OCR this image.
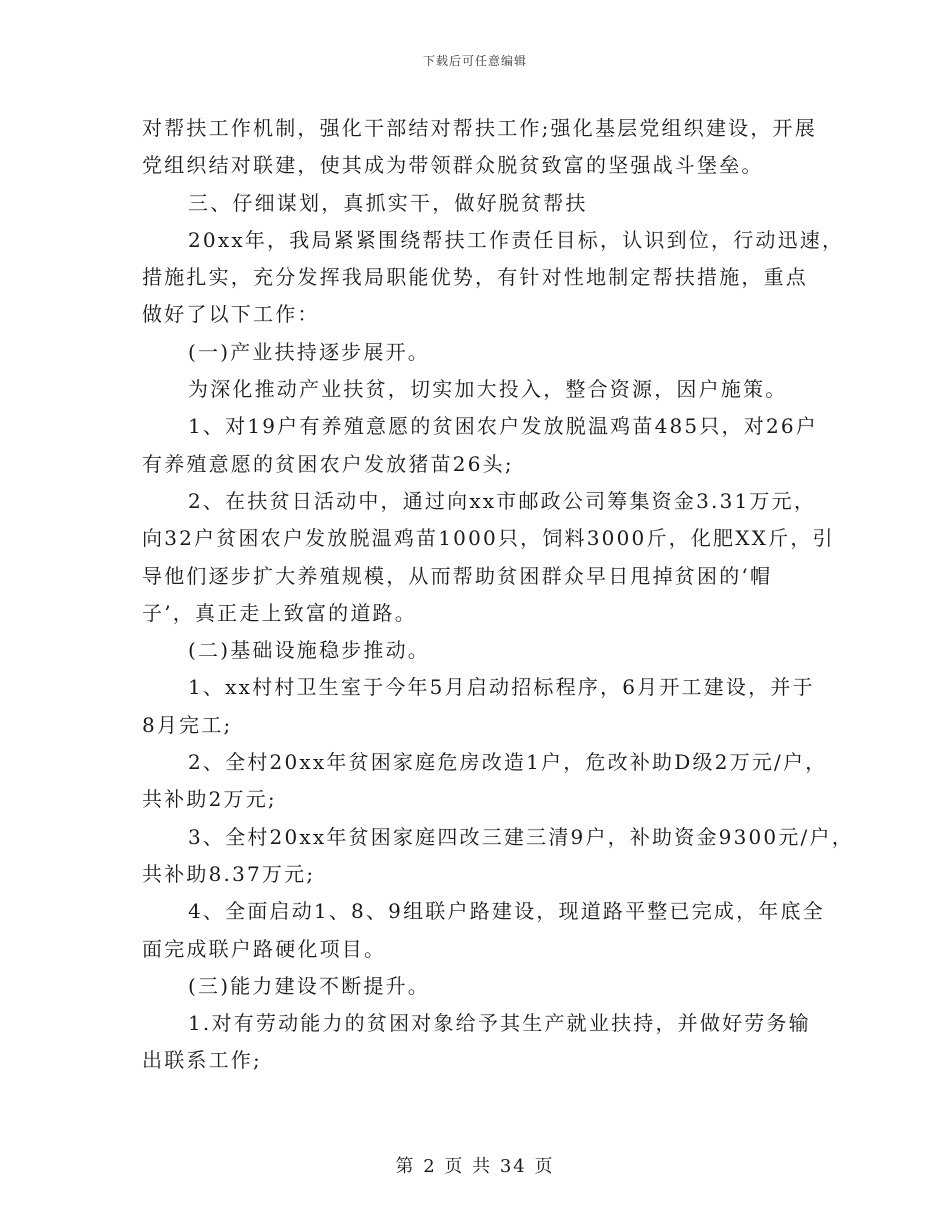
下载后可任意编辑
对帮扶工作机制，强化干部结对帮扶工作;强化基层党组织建设，开展
党组织结对联建，使其成为带领群众脱贫致富的坚强战斗堡垒。
三、仔细谋划，真抓实干，做好脱贫帮扶
20xx年，我局紧紧围绕帮扶工作责任目标，认识到位，行动迅速，
措施扎实，充分发挥我局职能优势，有针对性地制定帮扶措施，重点
做好了以下工作：
(一)产业扶持逐步展开。
为深化推动产业扶贫，切实加大投入，整合资源，因户施策。
1、对19户有养殖意愿的贫困农户发放脱温鸡苗485只，对26户
有养殖意愿的贫困农户发放猪苗26头;
2、在扶贫日活动中，通过向xx市邮政公司筹集资金3.31万元，
向32户贫困农户发放脱温鸡苗1000只，饲料3000斤，化肥XX斤，引
导他们逐步扩大养殖规模，从而帮助贫困群众早日甩掉贫困的‘帽
子’，真正走上致富的道路。
(二)基础设施稳步推动。
1、xx村村卫生室于今年5月启动招标程序，6月开工建设，并于
8月完工;
2、全村20xx年贫困家庭危房改造1户，危改补助D级2万元/户，
共补助2万元;
3、全村20xx年贫困家庭四改三建三清9户，补助资金9300元/户，
共补助8.37万元;
4、全面启动1、8、9组联户路建设，现道路平整已完成，年底全
面完成联户路硬化项目。
(三)能力建设不断提升。
1.对有劳动能力的贫困对象给予其生产就业扶持，并做好劳务输
出联系工作;
第 2 页 共 34 页
